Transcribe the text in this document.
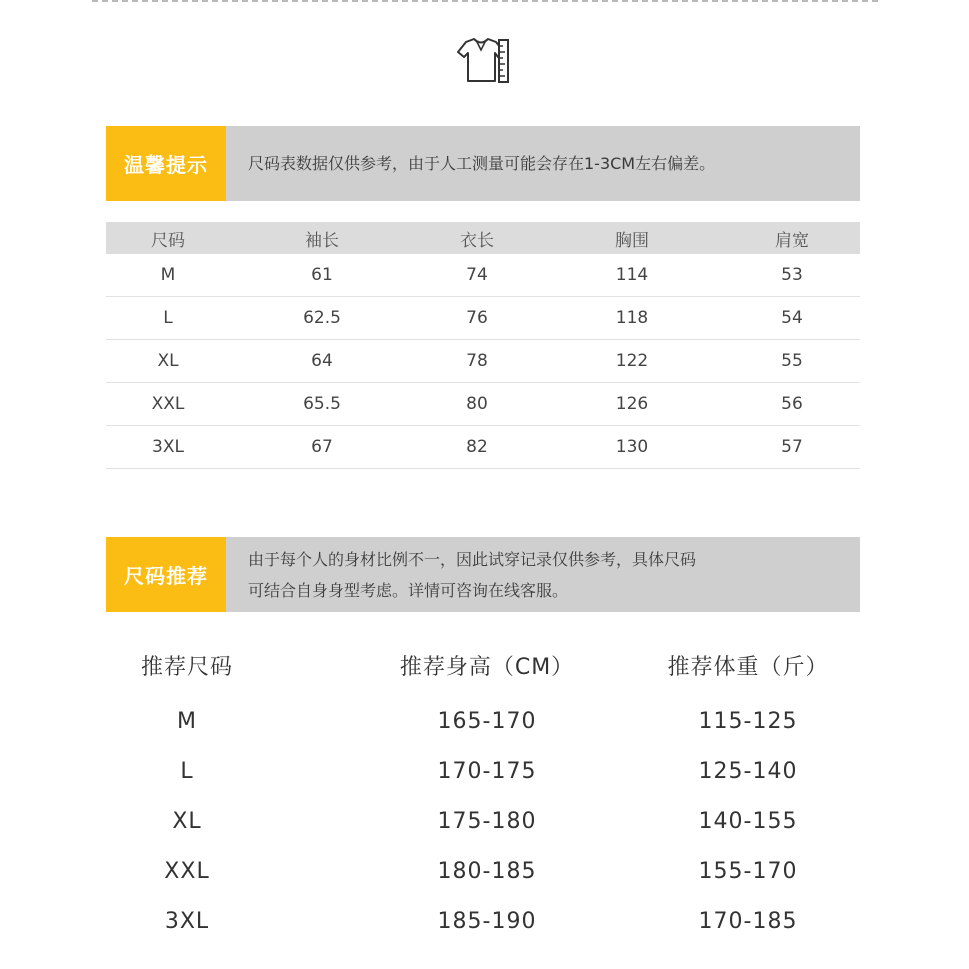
温馨提示	尺码表数据仅供参考，由于人工测量可能会存在1-3CM左右偏差。
尺码	袖长	衣长	胸围	肩宽
M	61	74	114	53
L	62.5	76	118	54
XL	64	78	122	55
XXL	65.5	80	126	56
3XL	67	82	130	57
尺码推荐
由于每个人的身材比例不一，因此试穿记录仅供参考，具体尺码
可结合自身身型考虑。详情可咨询在线客服。
推荐尺码	推荐身高（CM）	推荐体重（斤）
M	165-170	115-125
L	170-175	125-140
XL	175-180	140-155
XXL	180-185	155-170
3XL	185-190	170-185
